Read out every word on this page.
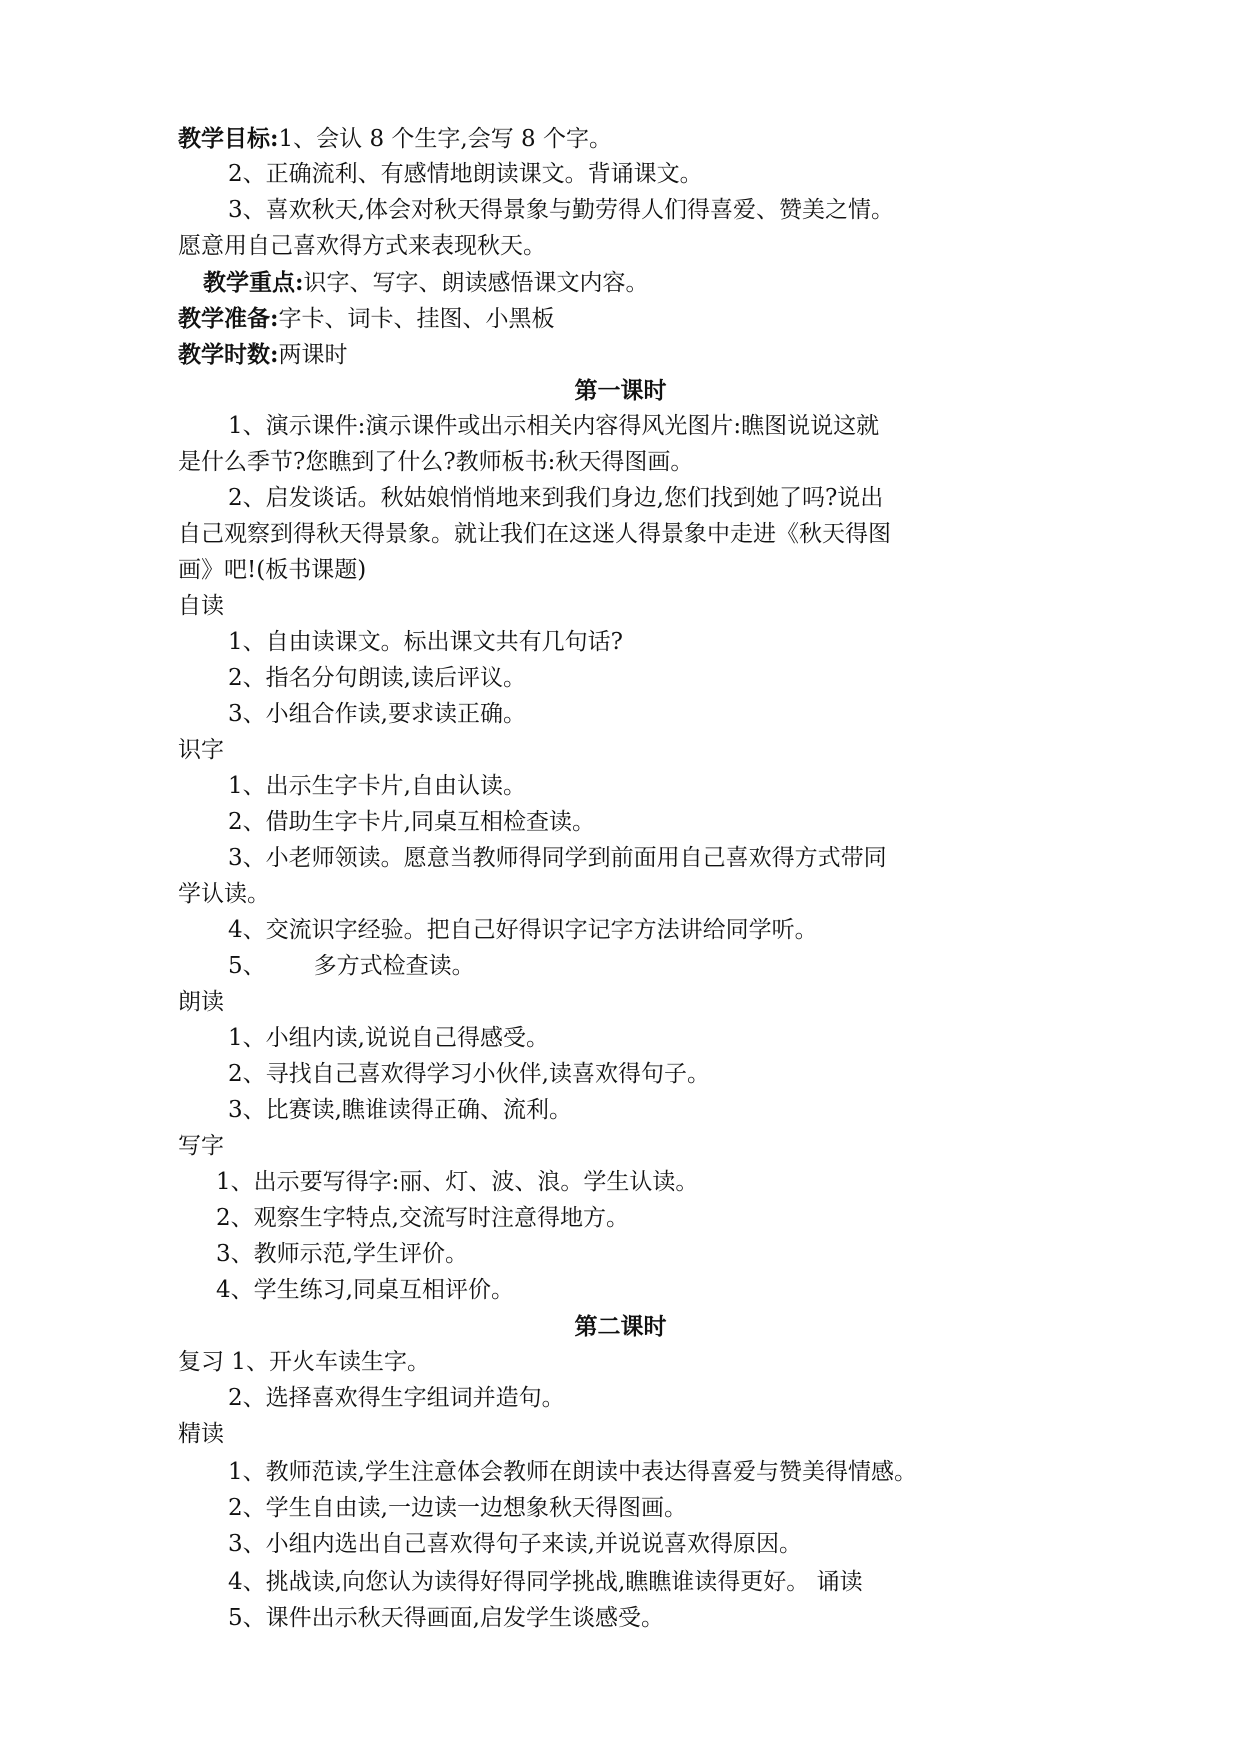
教学目标:1、会认 8 个生字,会写 8 个字。
2、正确流利、有感情地朗读课文。背诵课文。
3、喜欢秋天,体会对秋天得景象与勤劳得人们得喜爱、赞美之情。
愿意用自己喜欢得方式来表现秋天。
教学重点:识字、写字、朗读感悟课文内容。
教学准备:字卡、词卡、挂图、小黑板
教学时数:两课时
第一课时
1、演示课件:演示课件或出示相关内容得风光图片:瞧图说说这就
是什么季节?您瞧到了什么?教师板书:秋天得图画。
2、启发谈话。秋姑娘悄悄地来到我们身边,您们找到她了吗?说出
自己观察到得秋天得景象。就让我们在这迷人得景象中走进《秋天得图
画》吧!(板书课题)
自读
1、自由读课文。标出课文共有几句话?
2、指名分句朗读,读后评议。
3、小组合作读,要求读正确。
识字
1、出示生字卡片,自由认读。
2、借助生字卡片,同桌互相检查读。
3、小老师领读。愿意当教师得同学到前面用自己喜欢得方式带同
学认读。
4、交流识字经验。把自己好得识字记字方法讲给同学听。
5、 多方式检查读。
朗读
1、小组内读,说说自己得感受。
2、寻找自己喜欢得学习小伙伴,读喜欢得句子。
3、比赛读,瞧谁读得正确、流利。
写字
1、出示要写得字:丽、灯、波、浪。学生认读。
2、观察生字特点,交流写时注意得地方。
3、教师示范,学生评价。
4、学生练习,同桌互相评价。
第二课时
复习 1、开火车读生字。
2、选择喜欢得生字组词并造句。
精读
1、教师范读,学生注意体会教师在朗读中表达得喜爱与赞美得情感。
2、学生自由读,一边读一边想象秋天得图画。
3、小组内选出自己喜欢得句子来读,并说说喜欢得原因。
4、挑战读,向您认为读得好得同学挑战,瞧瞧谁读得更好。 诵读
5、课件出示秋天得画面,启发学生谈感受。
